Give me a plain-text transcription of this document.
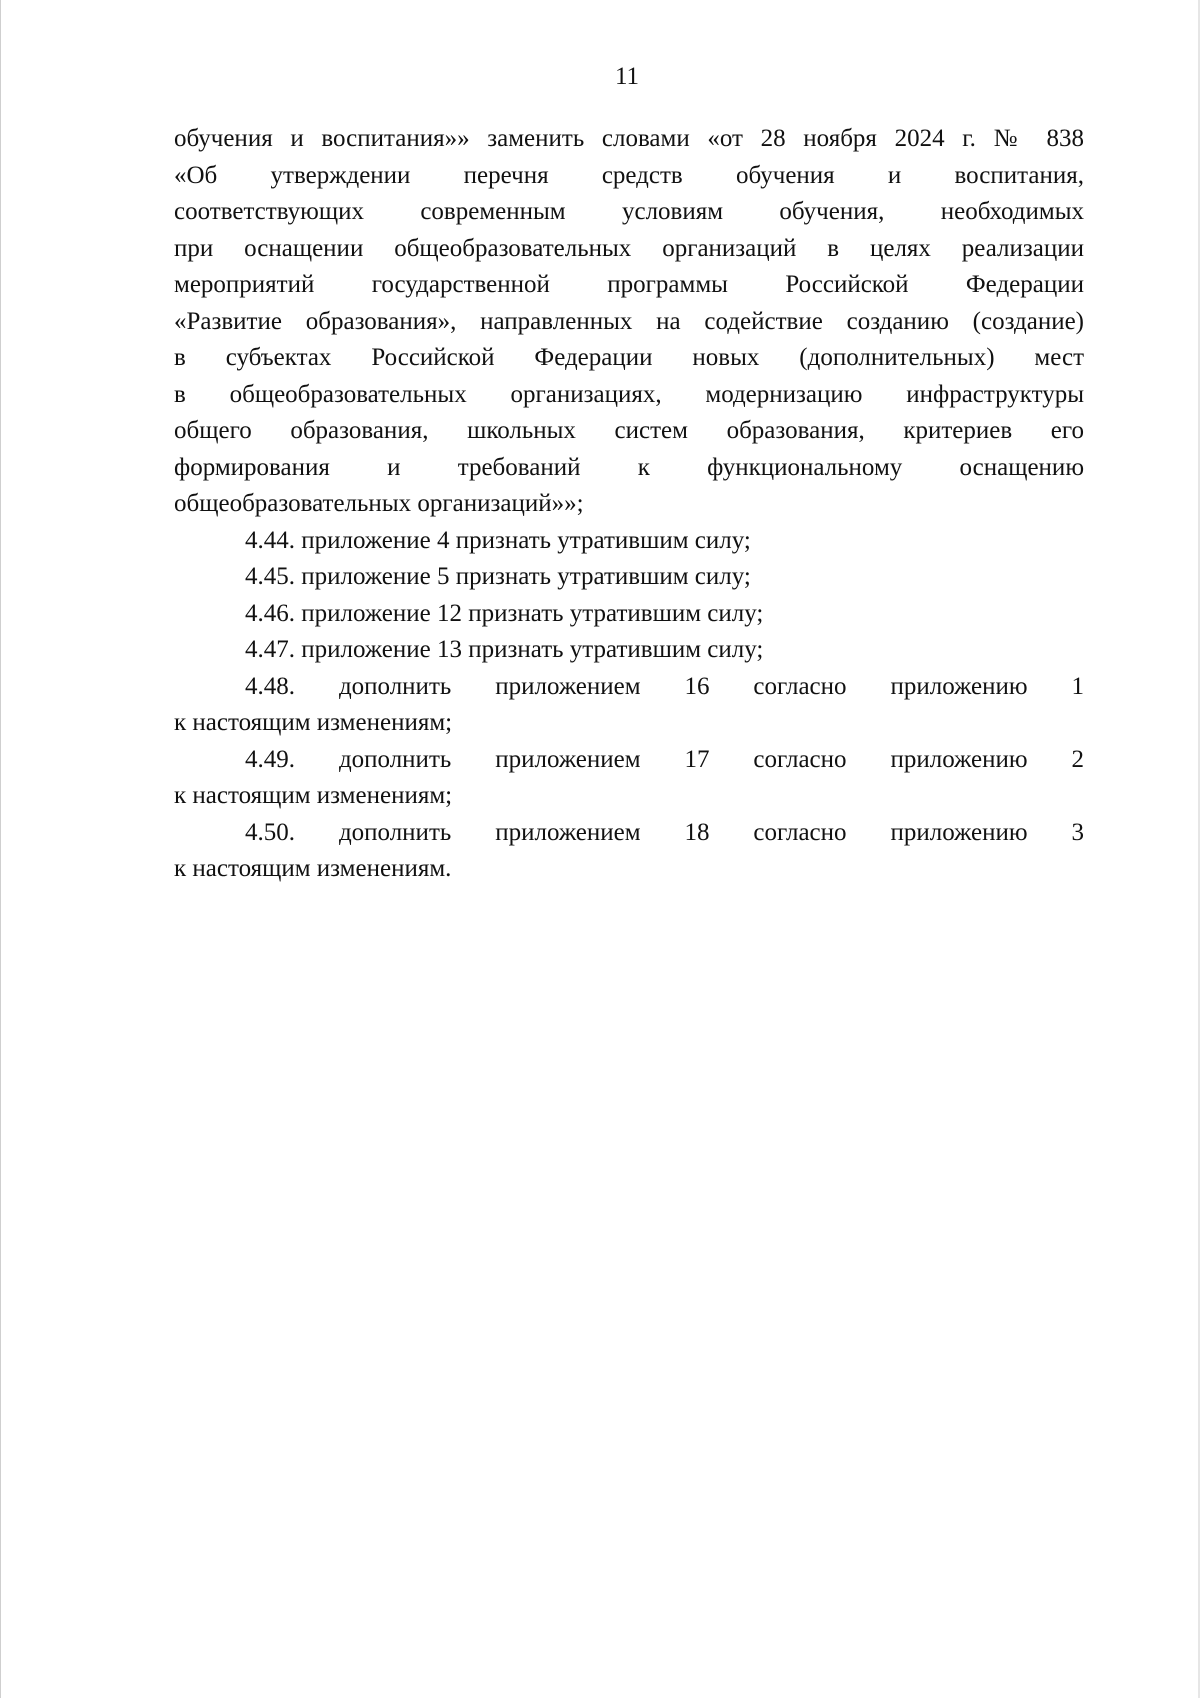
11
обучения и воспитания»» заменить словами «от 28 ноября 2024 г. № 838
«Об утверждении перечня средств обучения и воспитания,
соответствующих современным условиям обучения, необходимых
при оснащении общеобразовательных организаций в целях реализации
мероприятий государственной программы Российской Федерации
«Развитие образования», направленных на содействие созданию (создание)
в субъектах Российской Федерации новых (дополнительных) мест
в общеобразовательных организациях, модернизацию инфраструктуры
общего образования, школьных систем образования, критериев его
формирования и требований к функциональному оснащению
общеобразовательных организаций»»;
4.44. приложение 4 признать утратившим силу;
4.45. приложение 5 признать утратившим силу;
4.46. приложение 12 признать утратившим силу;
4.47. приложение 13 признать утратившим силу;
4.48. дополнить приложением 16 согласно приложению 1
к настоящим изменениям;
4.49. дополнить приложением 17 согласно приложению 2
к настоящим изменениям;
4.50. дополнить приложением 18 согласно приложению 3
к настоящим изменениям.
